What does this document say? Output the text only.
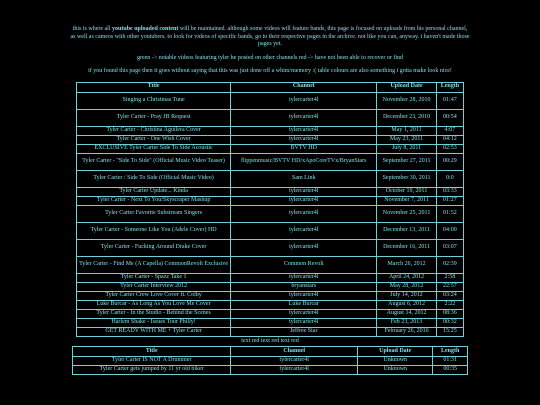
this is where all youtube uploaded content will be maintained. although some videos will feature bands, this page is focused on uploads from his personal channel, as well as cameos with other youtubers. to look for videos of specific bands, go to their respective pages in the archive. not like you can, anyway. i haven't made those pages yet.

green -> notable videos featuring tyler he posted on other channels red -> have not been able to recover or find

if you found this page then it goes without saying that this was just done off a whim/memory :( table colours are also something i gotta make look nice!

Title	Channel	Upload Date	Length
Singing a Christmas Tune	tylercarter4l	November 28, 2010	01:47
Tyler Carter - Pray JB Request	tylercarter4l	December 23, 2010	00:54
Tyler Carter - Christina Aguilera Cover	tylercarter4l	May 1, 2011	4:07
Tyler Carter - One Wish Cover	tylercarter4l	May 23, 2011	04:12
EXCLUSIVE Tyler Carter Side To Side Acoustic	BVTV HD	July 8, 2011	02:53
Tyler Carter - "Side To Side" (Official Music Video Teaser)	flippenmusic/BVTV HD/xApoCoreTVx/BryanStars	September 27, 2011	00:29
Tyler Carter / Side To Side (Official Music Video)	Sam Link	September 30, 2011	0:0
Tyler Carter Update... Kinda	tylercarter4l	October 19, 2011	03:33
Tyler Carter - Next To You/Skyscraper Mashup	tylercarter4l	November 7, 2011	01:27
Tyler Carter Favorite Substream Singers	tylercarter4l	November 25, 2011	01:52
Tyler Carter - Someone Like You (Adele Cover) HD	tylercarter4l	December 13, 2011	04:00
Tyler Carter - Fucking Around Drake Cover	tylercarter4l	December 16, 2011	03:07
Tyler Carter - Find Me (A Capella) CommonRevolt Exclusive	Common Revolt	March 26, 2012	02:39
Tyler Carter - Spazz Take 1	tylercarter4l	April 24, 2012	2:58
Tyler Carter Interview 2012	bryanstars	May 28, 2012	22:57
Tyler Carter Crew Love Cover ft. Colby	tylercarter4l	July 14, 2012	03:24
Luke Burcar - As Long As You Love Me Cover	Luke Burcar	August 6, 2012	2:22
Tyler Carter - In the Studio - Behind the Scenes	tylercarter4l	August 14, 2012	08:36
Harlem Shake - Issues Tour Philly!	tylercarter4l	Feb 23, 2013	00:32
GET READY WITH ME + Tyler Carter	Jeffree Star	February 26, 2016	15:25
text red text red text red
Title	Channel	Upload Date	Length
Tyler Carter IS NOT A Drummer	tylercarter4l	Unknown	01:31
Tyler Carter gets jumped by 11 yr old biker	tylercarter4l	Unknown	00:35
